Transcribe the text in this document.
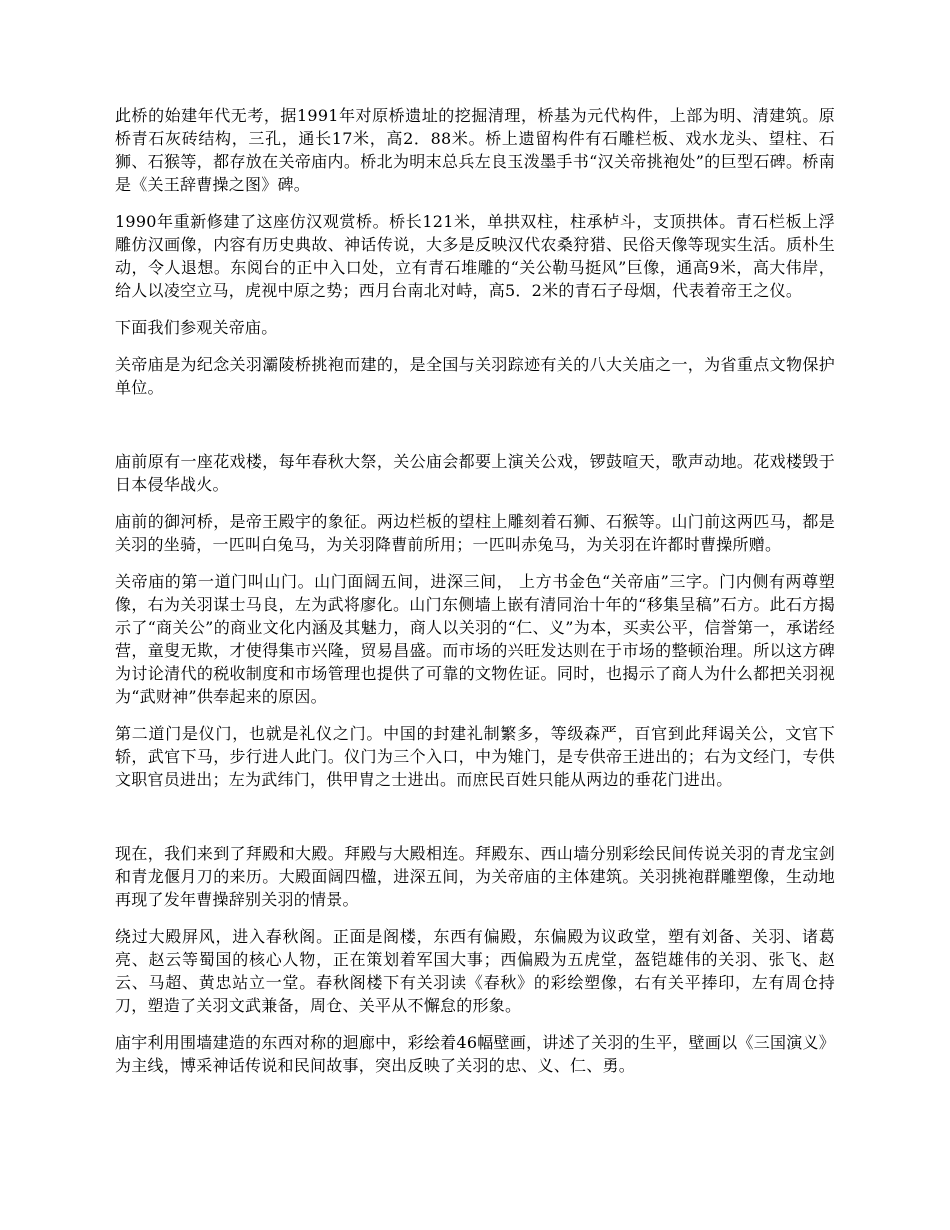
此桥的始建年代无考，据1991年对原桥遗址的挖掘清理，桥基为元代构件，上部为明、清建筑。原桥青石灰砖结构，三孔，通长17米，高2．88米。桥上遗留构件有石雕栏板、戏水龙头、望柱、石狮、石猴等，都存放在关帝庙内。桥北为明末总兵左良玉泼墨手书“汉关帝挑袍处”的巨型石碑。桥南是《关王辞曹操之图》碑。

1990年重新修建了这座仿汉观赏桥。桥长121米，单拱双柱，柱承栌斗，支顶拱体。青石栏板上浮雕仿汉画像，内容有历史典故、神话传说，大多是反映汉代农桑狩猎、民俗天像等现实生活。质朴生动，令人退想。东阅台的正中入口处，立有青石堆雕的“关公勒马挺风”巨像，通高9米，高大伟岸，给人以凌空立马，虎视中原之势；西月台南北对峙，高5．2米的青石子母烟，代表着帝王之仪。

下面我们参观关帝庙。

关帝庙是为纪念关羽灞陵桥挑袍而建的，是全国与关羽踪迹有关的八大关庙之一，为省重点文物保护单位。

庙前原有一座花戏楼，每年春秋大祭，关公庙会都要上演关公戏，锣鼓喧天，歌声动地。花戏楼毁于日本侵华战火。

庙前的御河桥，是帝王殿宇的象征。两边栏板的望柱上雕刻着石狮、石猴等。山门前这两匹马，都是关羽的坐骑，一匹叫白兔马，为关羽降曹前所用；一匹叫赤兔马，为关羽在许都时曹操所赠。

关帝庙的第一道门叫山门。山门面阔五间，进深三间， 上方书金色“关帝庙”三字。门内侧有两尊塑像，右为关羽谋士马良，左为武将廖化。山门东侧墙上嵌有清同治十年的“移集呈稿”石方。此石方揭示了“商关公”的商业文化内涵及其魅力，商人以关羽的“仁、义”为本，买卖公平，信誉第一，承诺经营，童叟无欺，才使得集市兴隆，贸易昌盛。而市场的兴旺发达则在于市场的整顿治理。所以这方碑为讨论清代的税收制度和市场管理也提供了可靠的文物佐证。同时，也揭示了商人为什么都把关羽视为“武财神”供奉起来的原因。

第二道门是仪门，也就是礼仪之门。中国的封建礼制繁多，等级森严，百官到此拜谒关公，文官下轿，武官下马，步行进人此门。仪门为三个入口，中为雉门，是专供帝王进出的；右为文经门，专供文职官员进出；左为武纬门，供甲胄之士进出。而庶民百姓只能从两边的垂花门进出。

现在，我们来到了拜殿和大殿。拜殿与大殿相连。拜殿东、西山墙分别彩绘民间传说关羽的青龙宝剑和青龙偃月刀的来历。大殿面阔四楹，进深五间，为关帝庙的主体建筑。关羽挑袍群雕塑像，生动地再现了发年曹操辞别关羽的情景。

绕过大殿屏风，进入春秋阁。正面是阁楼，东西有偏殿，东偏殿为议政堂，塑有刘备、关羽、诸葛亮、赵云等蜀国的核心人物，正在策划着军国大事；西偏殿为五虎堂，盔铠雄伟的关羽、张飞、赵云、马超、黄忠站立一堂。春秋阁楼下有关羽读《春秋》的彩绘塑像，右有关平捧印，左有周仓持刀，塑造了关羽文武兼备，周仓、关平从不懈怠的形象。

庙宇利用围墙建造的东西对称的迴廊中，彩绘着46幅壁画，讲述了关羽的生平，壁画以《三国演义》为主线，博采神话传说和民间故事，突出反映了关羽的忠、义、仁、勇。
